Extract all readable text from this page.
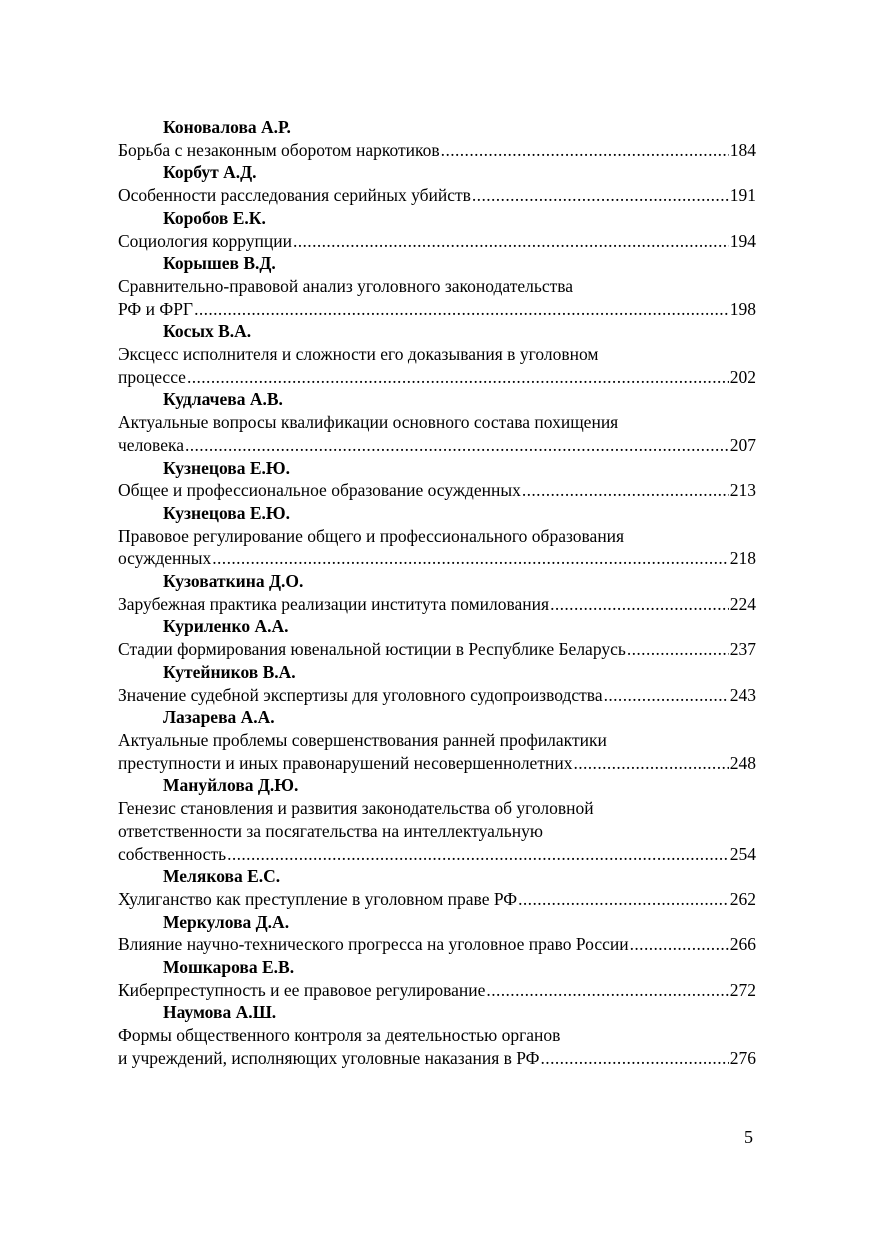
Коновалова А.Р.
Борьба с незаконным оборотом наркотиков .....	184
Корбут А.Д.
Особенности расследования серийных убийств .....	191
Коробов Е.К.
Социология коррупции .....	194
Корышев В.Д.
Сравнительно-правовой анализ уголовного законодательства
РФ и ФРГ .....	198
Косых В.А.
Эксцесс исполнителя и сложности его доказывания в уголовном
процессе .....	202
Кудлачева А.В.
Актуальные вопросы квалификации основного состава похищения
человека .....	207
Кузнецова Е.Ю.
Общее и профессиональное образование осужденных .....	213
Кузнецова Е.Ю.
Правовое регулирование общего и профессионального образования
осужденных .....	218
Кузоваткина Д.О.
Зарубежная практика реализации института помилования .....	224
Куриленко А.А.
Стадии формирования ювенальной юстиции в Республике Беларусь .....	237
Кутейников В.А.
Значение судебной экспертизы для уголовного судопроизводства .....	243
Лазарева А.А.
Актуальные проблемы совершенствования ранней профилактики
преступности и иных правонарушений несовершеннолетних .....	248
Мануйлова Д.Ю.
Генезис становления и развития законодательства об уголовной
ответственности за посягательства на интеллектуальную
собственность .....	254
Мелякова Е.С.
Хулиганство как преступление в уголовном праве РФ .....	262
Меркулова Д.А.
Влияние научно-технического прогресса на уголовное право России .....	266
Мошкарова Е.В.
Киберпреступность и ее правовое регулирование .....	272
Наумова А.Ш.
Формы общественного контроля за деятельностью органов
и учреждений, исполняющих уголовные наказания в РФ .....	276
5
